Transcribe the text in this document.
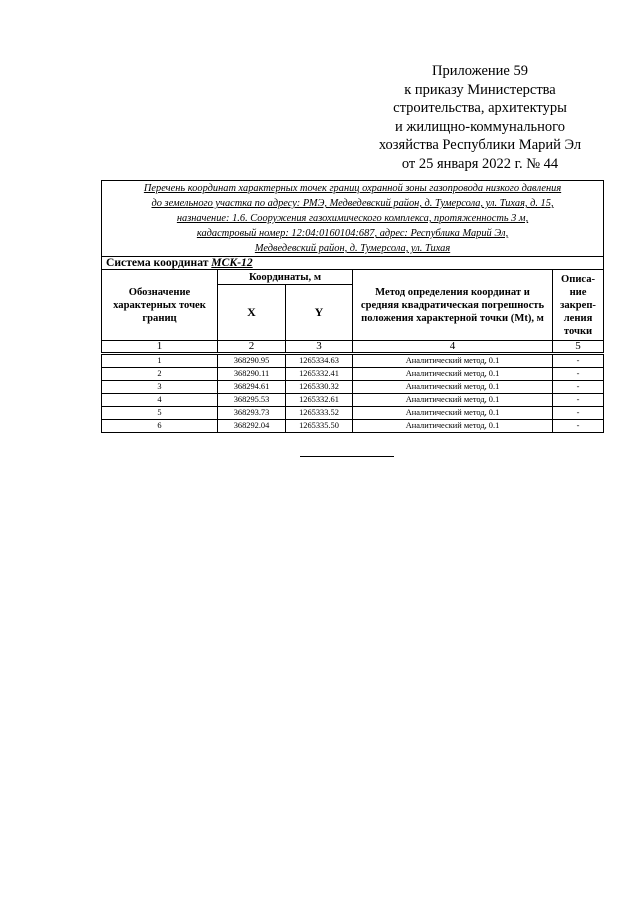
Приложение 59
к приказу Министерства
строительства, архитектуры
и жилищно-коммунального
хозяйства Республики Марий Эл
от 25 января 2022 г. № 44
Перечень координат характерных точек границ охранной зоны газопровода низкого давления
до земельного участка по адресу: РМЭ, Медведевский район, д. Тумерсола, ул. Тихая, д. 15,
назначение: 1.6. Сооружения газохимического комплекса, протяженность 3 м,
кадастровый номер: 12:04:0160104:687, адрес: Республика Марий Эл,
Медведевский район, д. Тумерсола, ул. Тихая				
Система координат МСК-12				
Обозначение характерных точек границ	Координаты, м		Метод определения координат и средняя квадратическая погрешность положения характерной точки (Mt), м	Описа-ние закреп-ления точки
	X	Y		
1	2	3	4	5
1	368290.95	1265334.63	Аналитический метод, 0.1	-
2	368290.11	1265332.41	Аналитический метод, 0.1	-
3	368294.61	1265330.32	Аналитический метод, 0.1	-
4	368295.53	1265332.61	Аналитический метод, 0.1	-
5	368293.73	1265333.52	Аналитический метод, 0.1	-
6	368292.04	1265335.50	Аналитический метод, 0.1	-
